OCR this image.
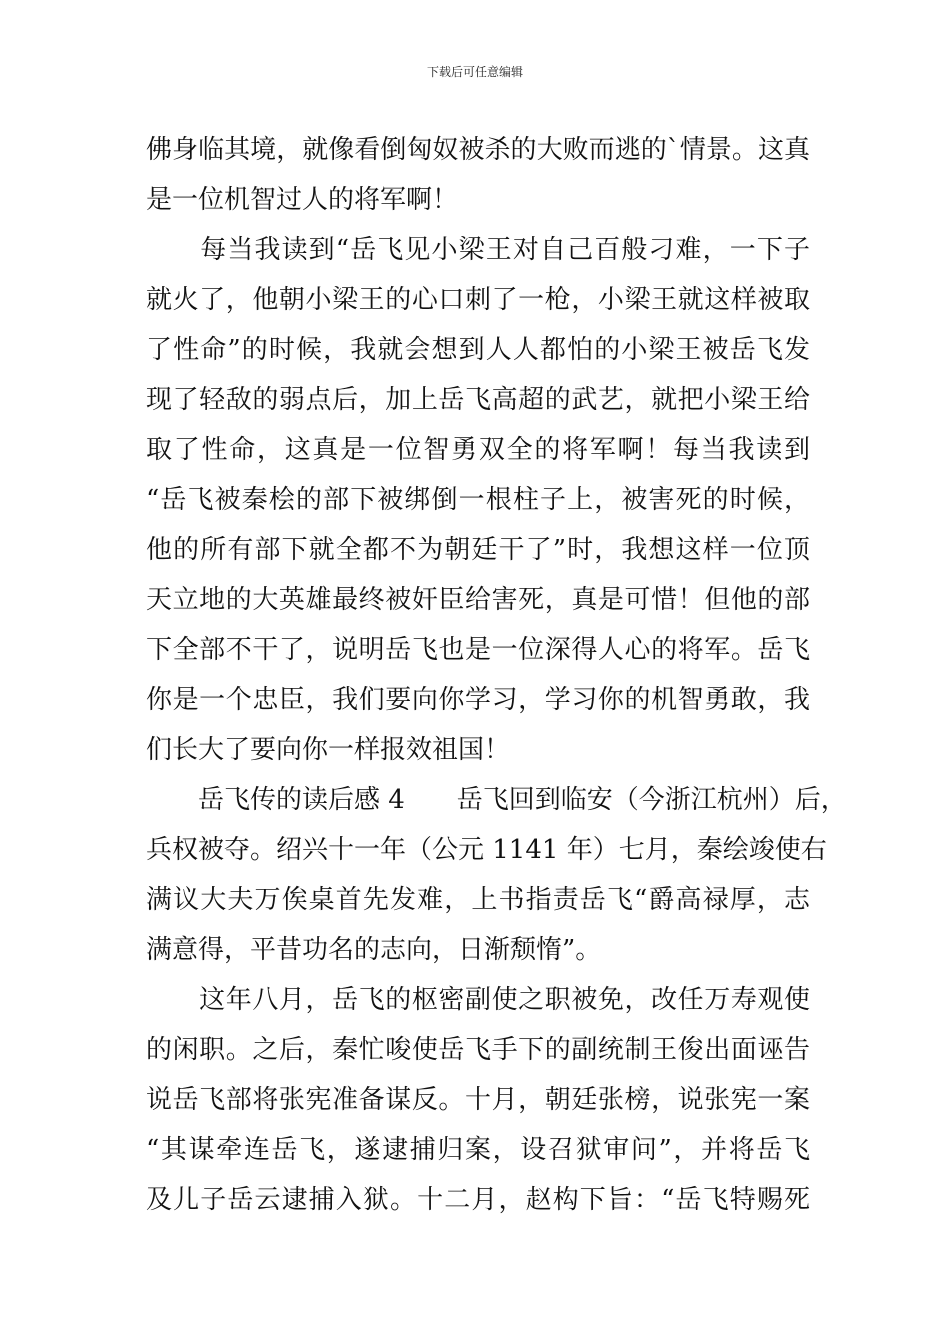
下载后可任意编辑
佛身临其境，就像看倒匈奴被杀的大败而逃的`情景。这真
是一位机智过人的将军啊！
　　每当我读到“岳飞见小梁王对自己百般刁难，一下子
就火了，他朝小梁王的心口刺了一枪，小梁王就这样被取
了性命”的时候，我就会想到人人都怕的小梁王被岳飞发
现了轻敌的弱点后，加上岳飞高超的武艺，就把小梁王给
取了性命，这真是一位智勇双全的将军啊！每当我读到
“岳飞被秦桧的部下被绑倒一根柱子上，被害死的时候，
他的所有部下就全都不为朝廷干了”时，我想这样一位顶
天立地的大英雄最终被奸臣给害死，真是可惜！但他的部
下全部不干了，说明岳飞也是一位深得人心的将军。岳飞
你是一个忠臣，我们要向你学习，学习你的机智勇敢，我
们长大了要向你一样报效祖国！
　　岳飞传的读后感 4　　岳飞回到临安（今浙江杭州）后，
兵权被夺。绍兴十一年（公元 1141 年）七月，秦绘竣使右
满议大夫万俟桌首先发难，上书指责岳飞“爵高禄厚，志
满意得，平昔功名的志向，日渐颓惰”。
　　这年八月，岳飞的枢密副使之职被免，改任万寿观使
的闲职。之后，秦忙唆使岳飞手下的副统制王俊出面诬告
说岳飞部将张宪准备谋反。十月，朝廷张榜，说张宪一案
“其谋牵连岳飞，遂逮捕归案，设召狱审问”，并将岳飞
及儿子岳云逮捕入狱。十二月，赵构下旨：“岳飞特赐死
